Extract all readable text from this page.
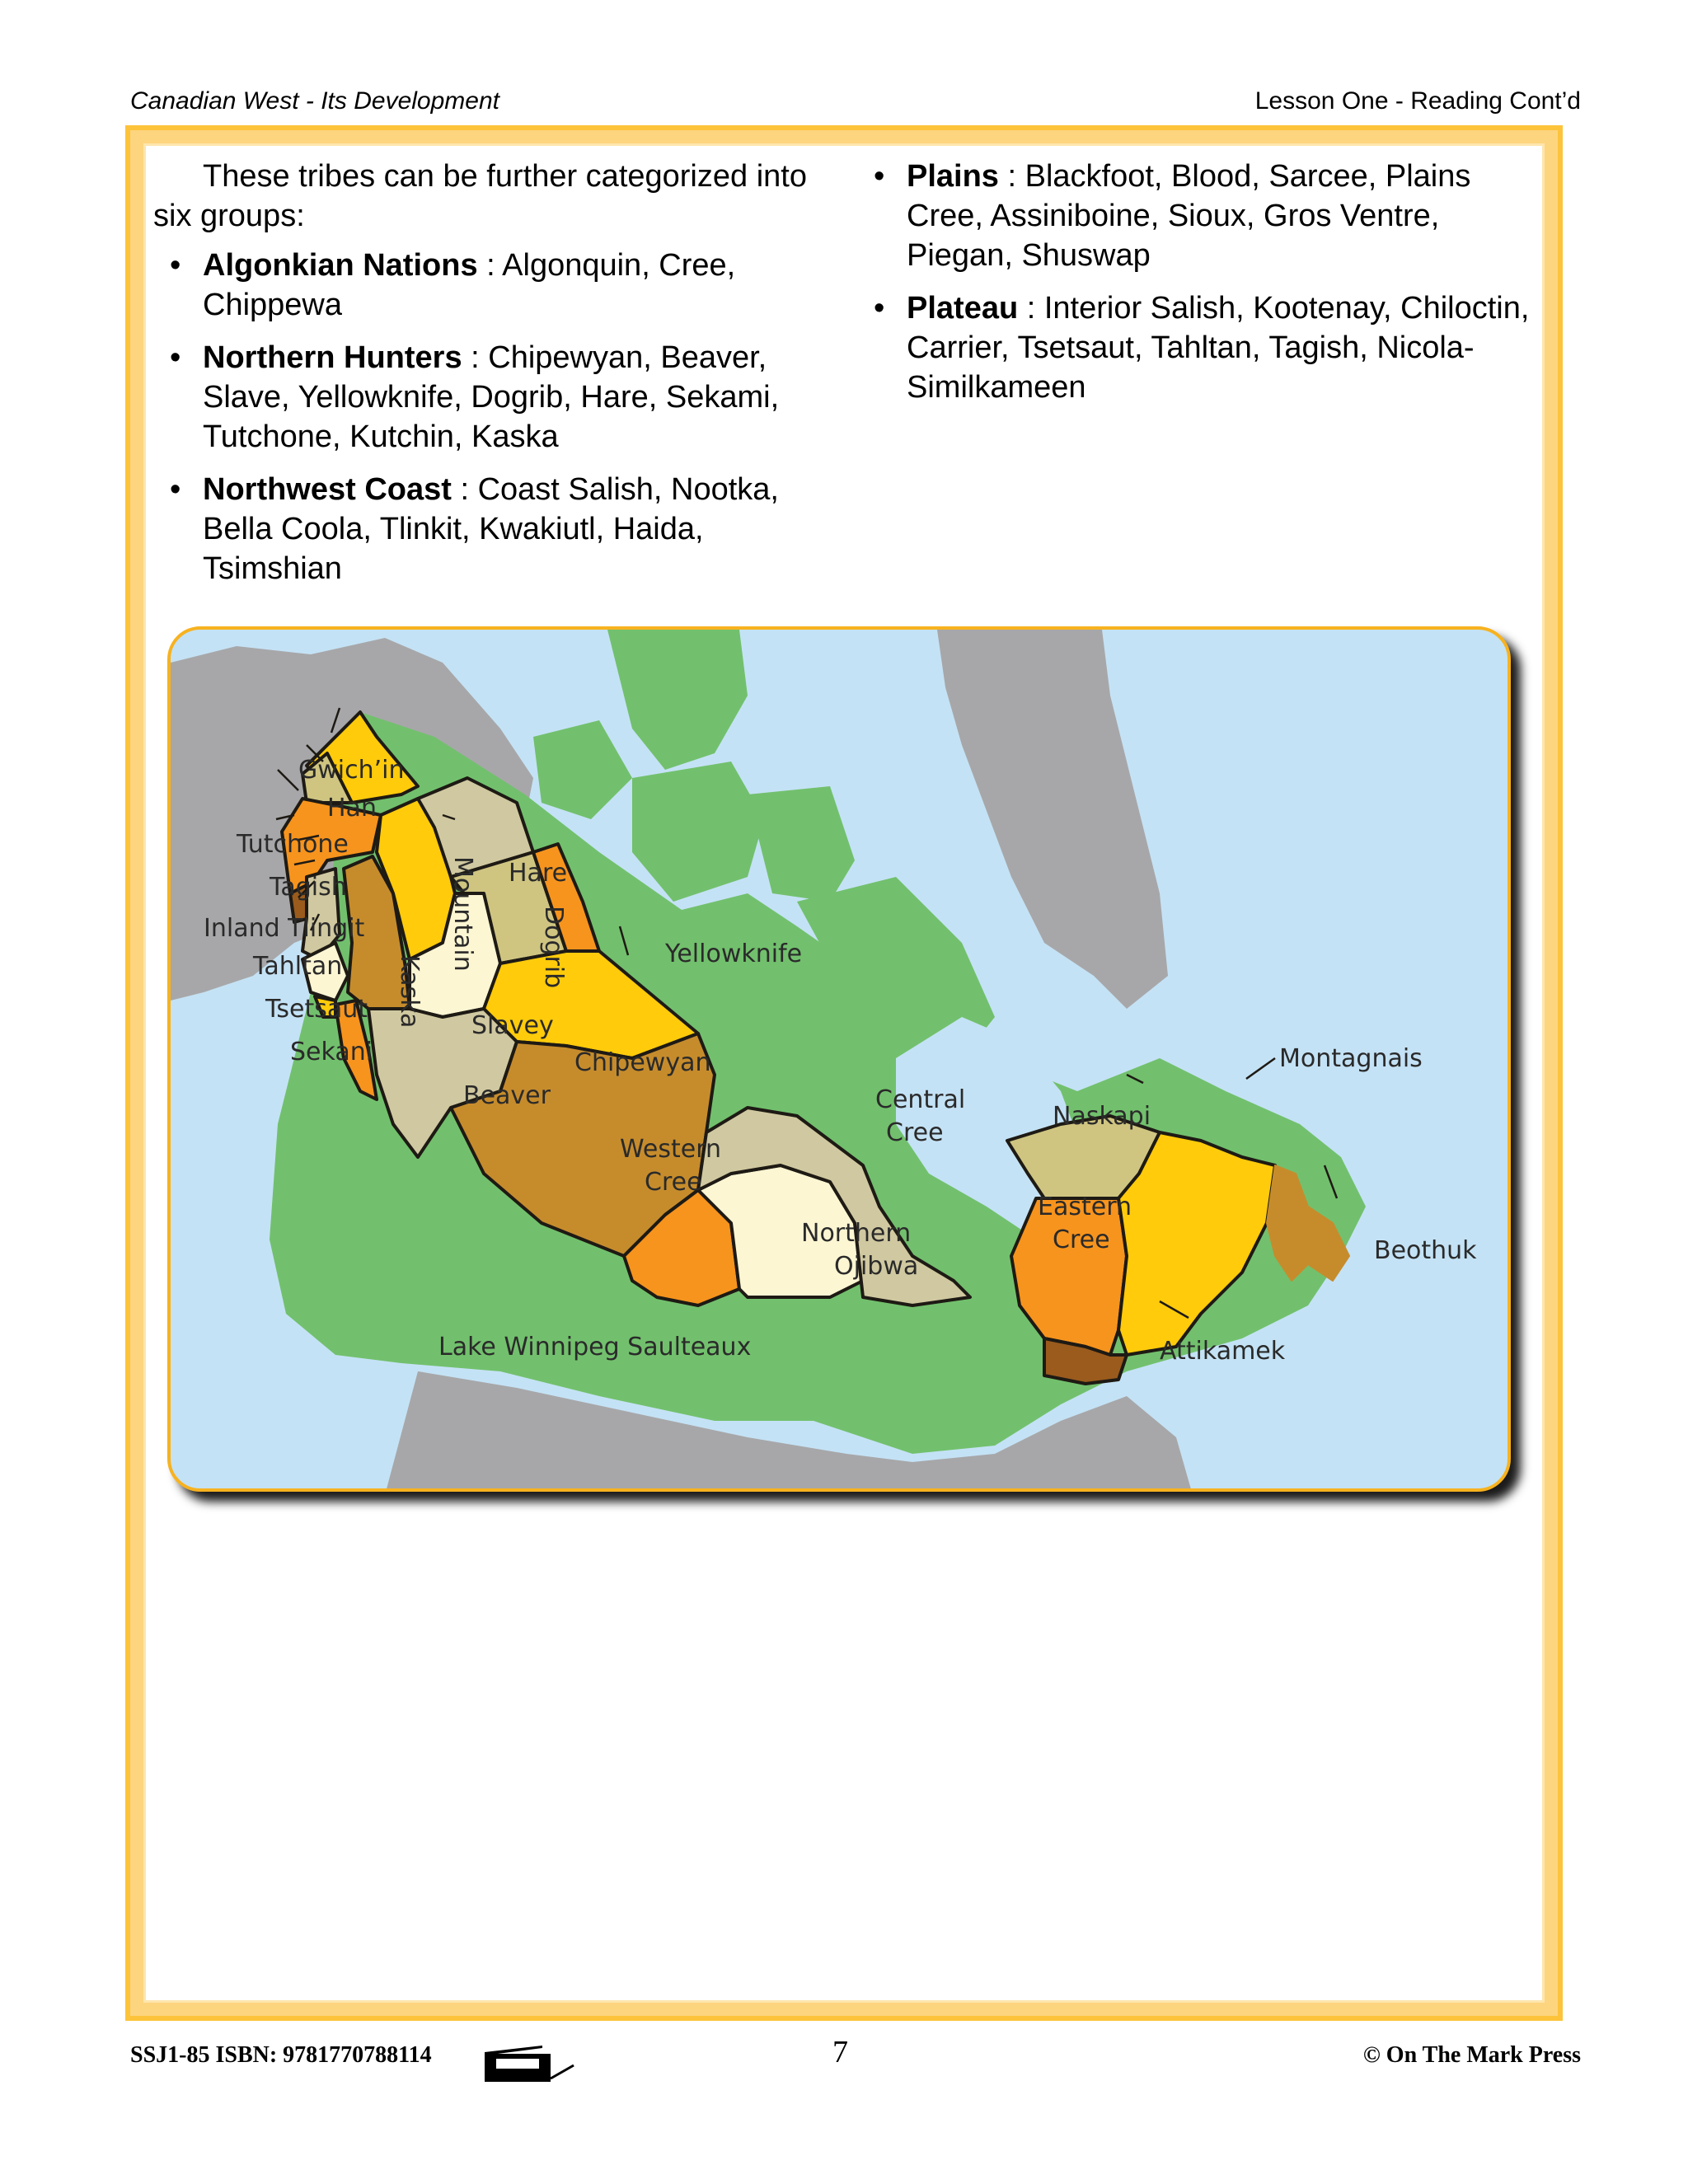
Canadian West - Its Development	Lesson One - Reading Cont’d

These tribes can be further categorized into six groups:

• Algonkian Nations : Algonquin, Cree, Chippewa
• Northern Hunters : Chipewyan, Beaver, Slave, Yellowknife, Dogrib, Hare, Sekami, Tutchone, Kutchin, Kaska
• Northwest Coast : Coast Salish, Nootka, Bella Coola, Tlinkit, Kwakiutl, Haida, Tsimshian
• Plains : Blackfoot, Blood, Sarcee, Plains Cree, Assiniboine, Sioux, Gros Ventre, Piegan, Shuswap
• Plateau : Interior Salish, Kootenay, Chiloctin, Carrier, Tsetsaut, Tahltan, Tagish, Nicola-Similkameen
Gwich’in
Han
Tutchone
Tagish
Inland Tlingit
Tahltan
Tsetsaut
Sekani
Hare
Mountain
Kaska
Dogrib	Yellowknife
Slavey
Chipewyan
Beaver
Western
Cree
Central
Cree
Northern
Ojibwa
Lake Winnipeg Saulteaux
Naskapi
Montagnais
Eastern
Cree	Beothuk
Attikamek
SSJ1-85 ISBN: 9781770788114	7	© On The Mark Press
